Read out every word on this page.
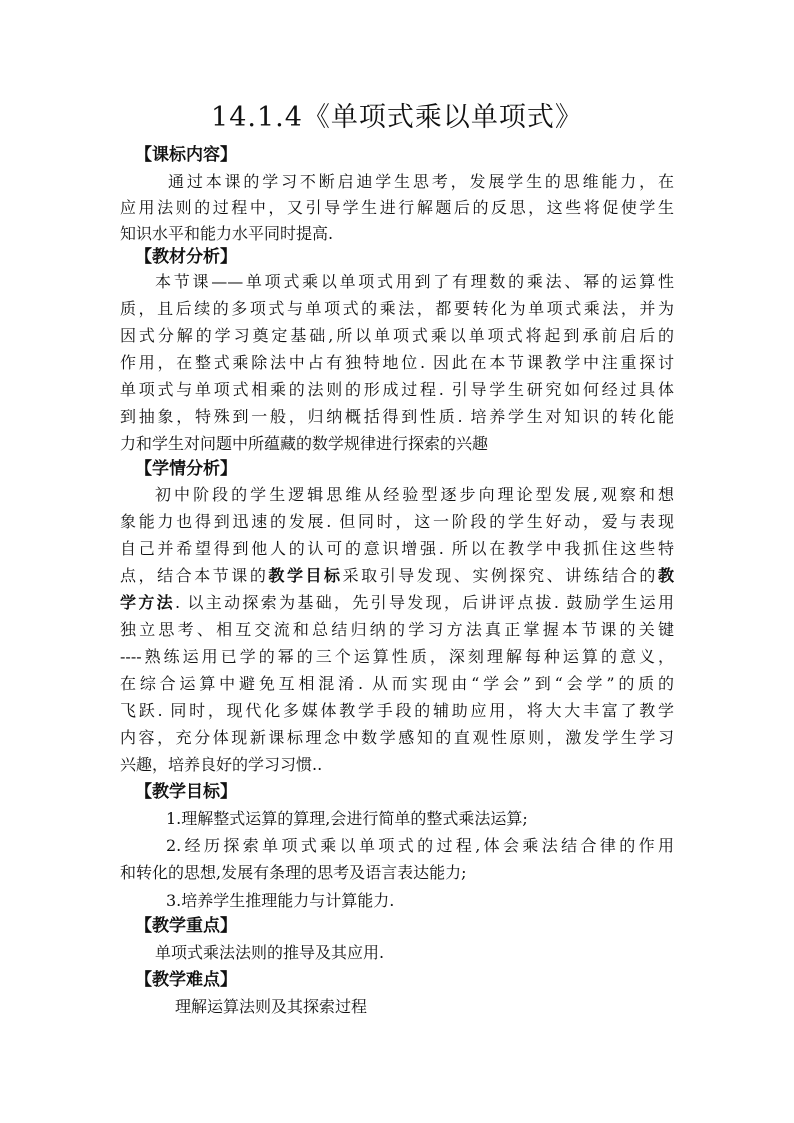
14.1.4《单项式乘以单项式》
【课标内容】
通过本课的学习不断启迪学生思考，发展学生的思维能力，在
应用法则的过程中，又引导学生进行解题后的反思，这些将促使学生
知识水平和能力水平同时提高.
【教材分析】
本节课——单项式乘以单项式用到了有理数的乘法、幂的运算性
质，且后续的多项式与单项式的乘法，都要转化为单项式乘法，并为
因式分解的学习奠定基础,所以单项式乘以单项式将起到承前启后的
作用，在整式乘除法中占有独特地位. 因此在本节课教学中注重探讨
单项式与单项式相乘的法则的形成过程. 引导学生研究如何经过具体
到抽象，特殊到一般，归纳概括得到性质. 培养学生对知识的转化能
力和学生对问题中所蕴藏的数学规律进行探索的兴趣
【学情分析】
初中阶段的学生逻辑思维从经验型逐步向理论型发展,观察和想
象能力也得到迅速的发展. 但同时，这一阶段的学生好动，爱与表现
自己并希望得到他人的认可的意识增强. 所以在教学中我抓住这些特
点，结合本节课的教学目标采取引导发现、实例探究、讲练结合的教
学方法. 以主动探索为基础，先引导发现，后讲评点拔. 鼓励学生运用
独立思考、相互交流和总结归纳的学习方法真正掌握本节课的关键
----熟练运用已学的幂的三个运算性质，深刻理解每种运算的意义，
在综合运算中避免互相混淆. 从而实现由“学会”到“会学”的质的
飞跃. 同时，现代化多媒体教学手段的辅助应用，将大大丰富了教学
内容，充分体现新课标理念中数学感知的直观性原则，激发学生学习
兴趣，培养良好的学习习惯..
【教学目标】
1.理解整式运算的算理,会进行简单的整式乘法运算;
2.经历探索单项式乘以单项式的过程,体会乘法结合律的作用
和转化的思想,发展有条理的思考及语言表达能力;
3.培养学生推理能力与计算能力.
【教学重点】
单项式乘法法则的推导及其应用.
【教学难点】
理解运算法则及其探索过程
